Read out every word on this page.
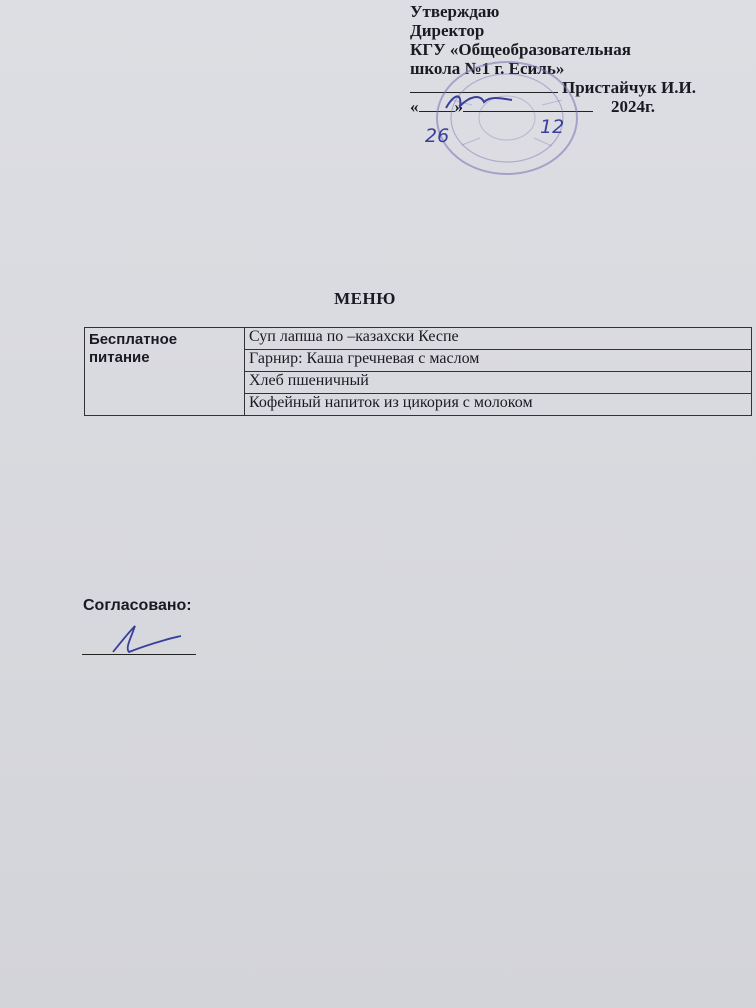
Утверждаю
Директор
КГУ «Общеобразовательная
школа №1 г. Есиль»
Пристайчук И.И.
« »	2024г.
26	12
МЕНЮ
Бесплатное питание	Суп лапша по –казахски Кеспе
Гарнир: Каша гречневая с маслом
Хлеб пшеничный
Кофейный напиток из цикория с молоком
Согласовано:
